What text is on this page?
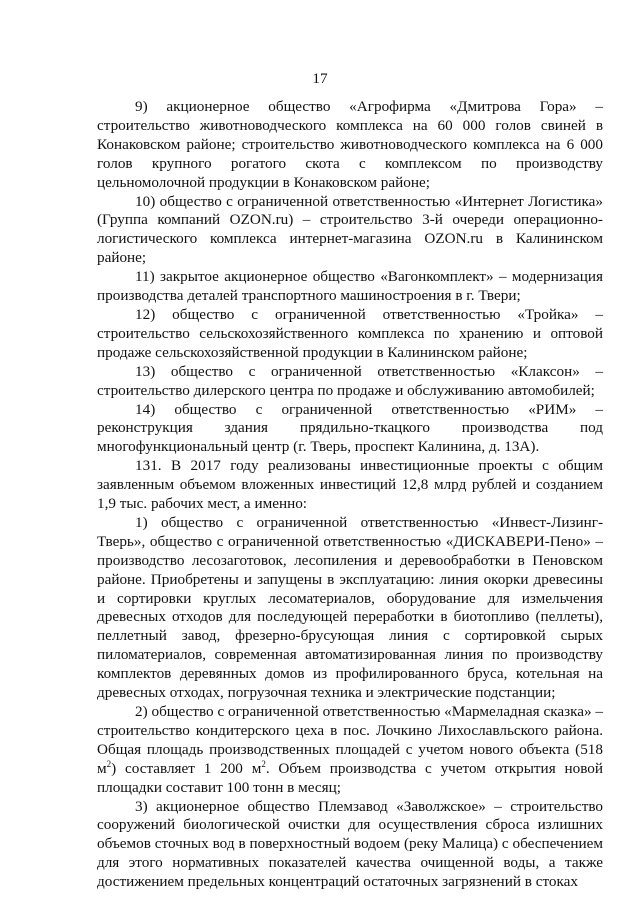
17

9) акционерное общество «Агрофирма «Дмитрова Гора» – строительство животноводческого комплекса на 60 000 голов свиней в Конаковском районе; строительство животноводческого комплекса на 6 000 голов крупного рогатого скота с комплексом по производству цельномолочной продукции в Конаковском районе;

10) общество с ограниченной ответственностью «Интернет Логистика» (Группа компаний OZON.ru) – строительство 3-й очереди операционно-логистического комплекса интернет-магазина OZON.ru в Калининском районе;

11) закрытое акционерное общество «Вагонкомплект» – модернизация производства деталей транспортного машиностроения в г. Твери;

12) общество с ограниченной ответственностью «Тройка» – строительство сельскохозяйственного комплекса по хранению и оптовой продаже сельскохозяйственной продукции в Калининском районе;

13) общество с ограниченной ответственностью «Клаксон» – строительство дилерского центра по продаже и обслуживанию автомобилей;

14) общество с ограниченной ответственностью «РИМ» – реконструкция здания прядильно-ткацкого производства под многофункциональный центр (г. Тверь, проспект Калинина, д. 13А).

131. В 2017 году реализованы инвестиционные проекты с общим заявленным объемом вложенных инвестиций 12,8 млрд рублей и созданием 1,9 тыс. рабочих мест, а именно:

1) общество с ограниченной ответственностью «Инвест-Лизинг-Тверь», общество с ограниченной ответственностью «ДИСКАВЕРИ-Пено» – производство лесозаготовок, лесопиления и деревообработки в Пеновском районе. Приобретены и запущены в эксплуатацию: линия окорки древесины и сортировки круглых лесоматериалов, оборудование для измельчения древесных отходов для последующей переработки в биотопливо (пеллеты), пеллетный завод, фрезерно-брусующая линия с сортировкой сырых пиломатериалов, современная автоматизированная линия по производству комплектов деревянных домов из профилированного бруса, котельная на древесных отходах, погрузочная техника и электрические подстанции;

2) общество с ограниченной ответственностью «Мармеладная сказка» – строительство кондитерского цеха в пос. Лочкино Лихославльского района. Общая площадь производственных площадей с учетом нового объекта (518 $м^2$) составляет 1 200 $м^2$. Объем производства с учетом открытия новой площадки составит 100 тонн в месяц;

3) акционерное общество Племзавод «Заволжское» – строительство сооружений биологической очистки для осуществления сброса излишних объемов сточных вод в поверхностный водоем (реку Малица) с обеспечением для этого нормативных показателей качества очищенной воды, а также достижением предельных концентраций остаточных загрязнений в стоках
